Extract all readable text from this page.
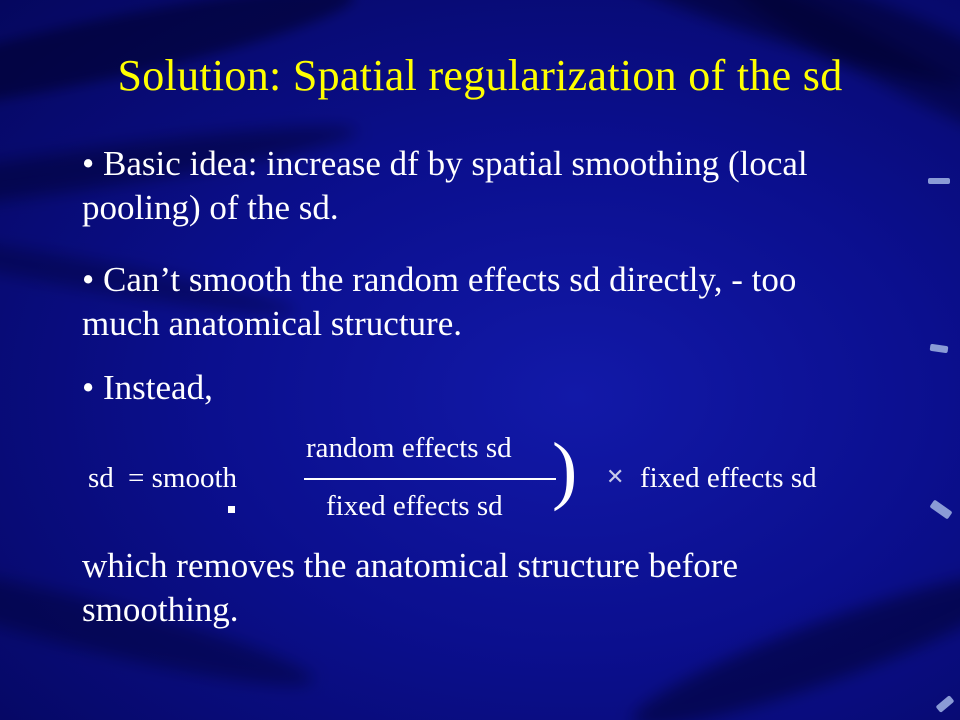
Solution: Spatial regularization of the sd
• Basic idea: increase df by spatial smoothing (local pooling) of the sd.
• Can’t smooth the random effects sd directly, - too much anatomical structure.
• Instead,
sd = smooth
random effects sd
fixed effects sd ) ✕ fixed effects sd
which removes the anatomical structure before smoothing.
